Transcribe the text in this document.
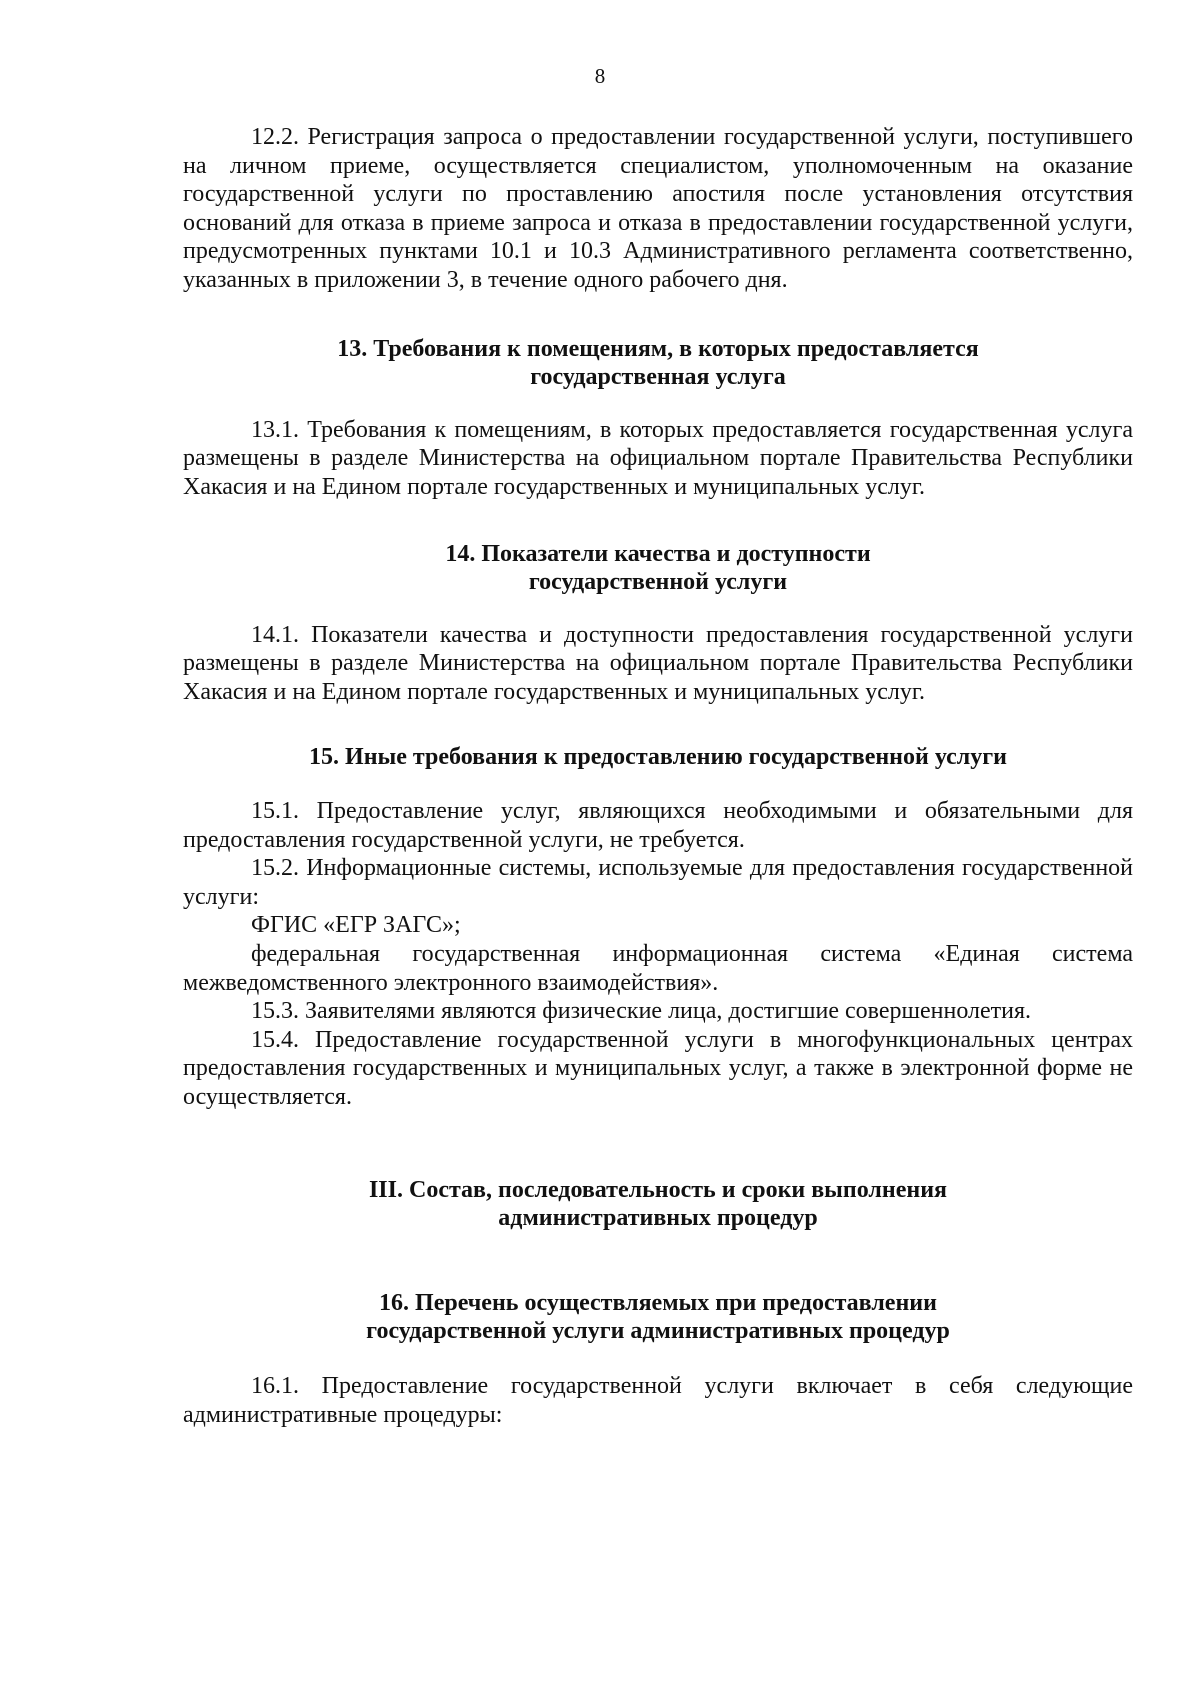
8

12.2. Регистрация запроса о предоставлении государственной услуги, поступившего на личном приеме, осуществляется специалистом, уполномоченным на оказание государственной услуги по проставлению апостиля после установления отсутствия оснований для отказа в приеме запроса и отказа в предоставлении государственной услуги, предусмотренных пунктами 10.1 и 10.3 Административного регламента соответственно, указанных в приложении 3, в течение одного рабочего дня.

13. Требования к помещениям, в которых предоставляется
государственная услуга

13.1. Требования к помещениям, в которых предоставляется государственная услуга размещены в разделе Министерства на официальном портале Правительства Республики Хакасия и на Едином портале государственных и муниципальных услуг.

14. Показатели качества и доступности
государственной услуги

14.1. Показатели качества и доступности предоставления государственной услуги размещены в разделе Министерства на официальном портале Правительства Республики Хакасия и на Едином портале государственных и муниципальных услуг.

15. Иные требования к предоставлению государственной услуги

15.1. Предоставление услуг, являющихся необходимыми и обязательными для предоставления государственной услуги, не требуется.

15.2. Информационные системы, используемые для предоставления государственной услуги:

ФГИС «ЕГР ЗАГС»;

федеральная государственная информационная система «Единая система межведомственного электронного взаимодействия».

15.3. Заявителями являются физические лица, достигшие совершеннолетия.

15.4. Предоставление государственной услуги в многофункциональных центрах предоставления государственных и муниципальных услуг, а также в электронной форме не осуществляется.

III. Состав, последовательность и сроки выполнения
административных процедур
16. Перечень осуществляемых при предоставлении
государственной услуги административных процедур

16.1. Предоставление государственной услуги включает в себя следующие административные процедуры:
